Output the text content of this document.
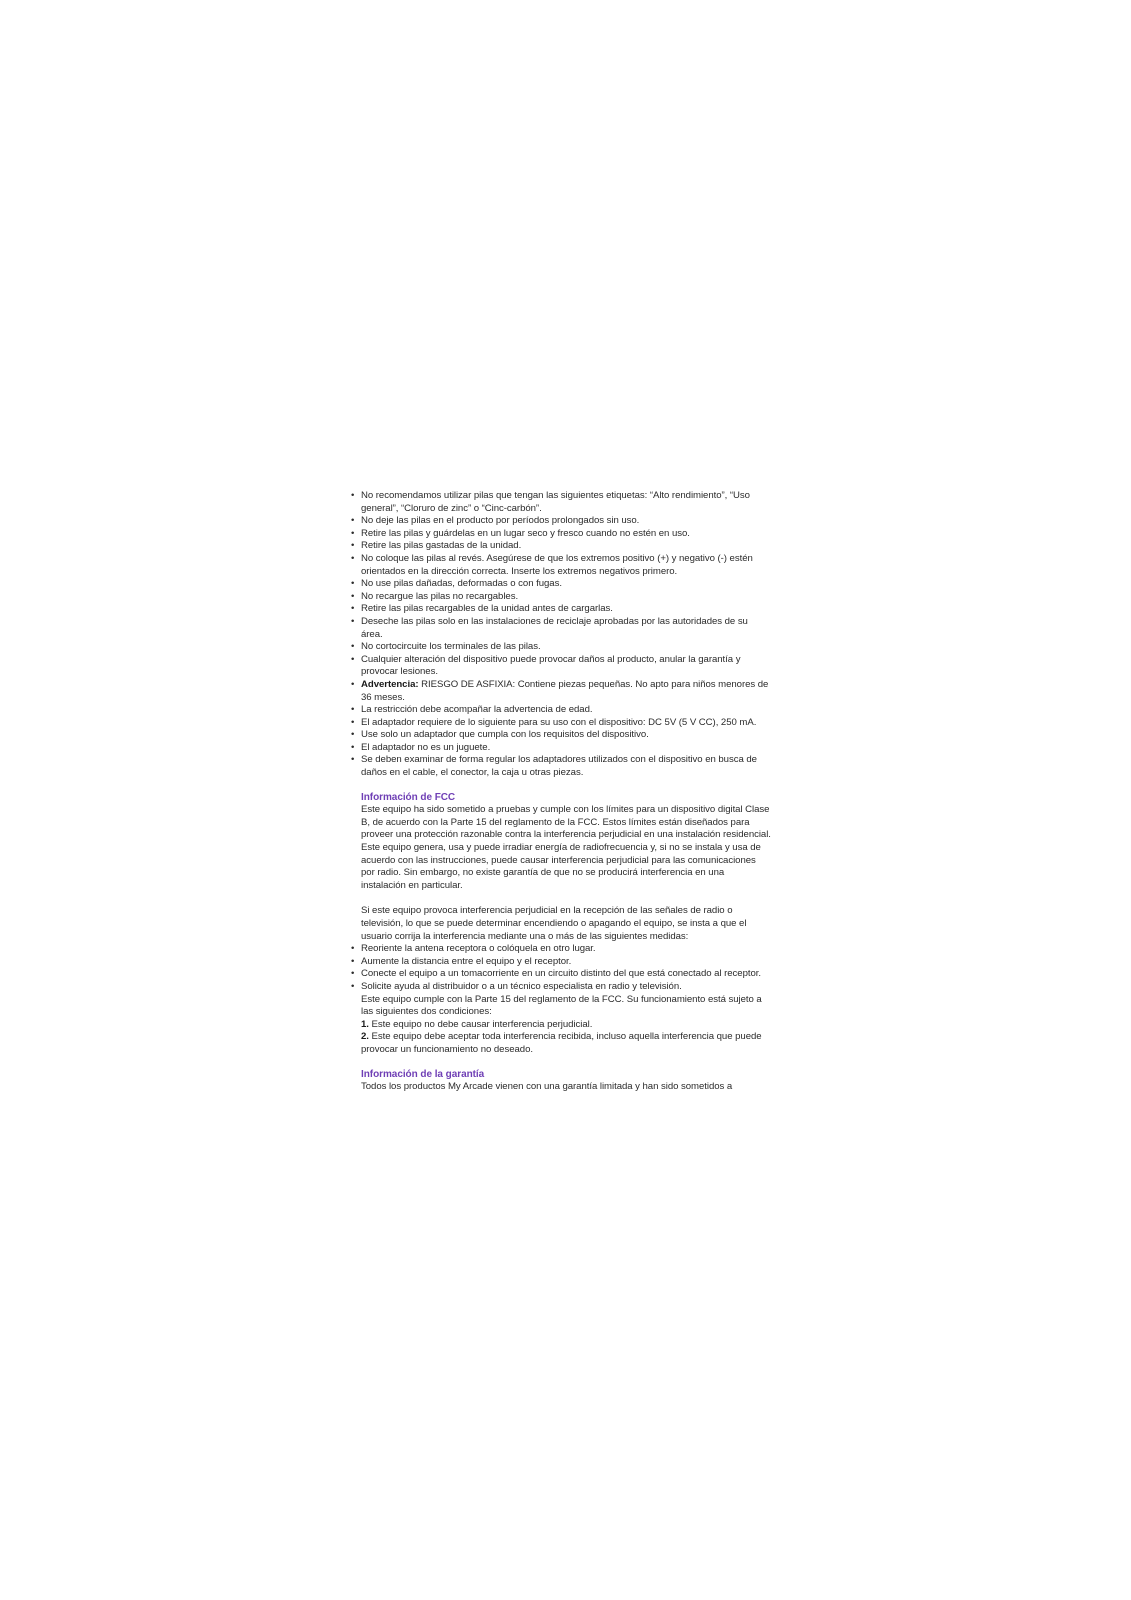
• No recomendamos utilizar pilas que tengan las siguientes etiquetas: “Alto rendimiento”, “Uso general”, “Cloruro de zinc” o “Cinc-carbón”.
• No deje las pilas en el producto por períodos prolongados sin uso.
• Retire las pilas y guárdelas en un lugar seco y fresco cuando no estén en uso.
• Retire las pilas gastadas de la unidad.
• No coloque las pilas al revés. Asegúrese de que los extremos positivo (+) y negativo (-) estén orientados en la dirección correcta. Inserte los extremos negativos primero.
• No use pilas dañadas, deformadas o con fugas.
• No recargue las pilas no recargables.
• Retire las pilas recargables de la unidad antes de cargarlas.
• Deseche las pilas solo en las instalaciones de reciclaje aprobadas por las autoridades de su área.
• No cortocircuite los terminales de las pilas.
• Cualquier alteración del dispositivo puede provocar daños al producto, anular la garantía y provocar lesiones.
• Advertencia: RIESGO DE ASFIXIA: Contiene piezas pequeñas. No apto para niños menores de 36 meses.
• La restricción debe acompañar la advertencia de edad.
• El adaptador requiere de lo siguiente para su uso con el dispositivo: DC 5V (5 V CC), 250 mA.
• Use solo un adaptador que cumpla con los requisitos del dispositivo.
• El adaptador no es un juguete.
• Se deben examinar de forma regular los adaptadores utilizados con el dispositivo en busca de daños en el cable, el conector, la caja u otras piezas.
Información de FCC

Este equipo ha sido sometido a pruebas y cumple con los límites para un dispositivo digital Clase B, de acuerdo con la Parte 15 del reglamento de la FCC. Estos límites están diseñados para proveer una protección razonable contra la interferencia perjudicial en una instalación residencial. Este equipo genera, usa y puede irradiar energía de radiofrecuencia y, si no se instala y usa de acuerdo con las instrucciones, puede causar interferencia perjudicial para las comunicaciones por radio. Sin embargo, no existe garantía de que no se producirá interferencia en una instalación en particular.

Si este equipo provoca interferencia perjudicial en la recepción de las señales de radio o televisión, lo que se puede determinar encendiendo o apagando el equipo, se insta a que el usuario corrija la interferencia mediante una o más de las siguientes medidas:

• Reoriente la antena receptora o colóquela en otro lugar.
• Aumente la distancia entre el equipo y el receptor.
• Conecte el equipo a un tomacorriente en un circuito distinto del que está conectado al receptor.
• Solicite ayuda al distribuidor o a un técnico especialista en radio y televisión.

Este equipo cumple con la Parte 15 del reglamento de la FCC. Su funcionamiento está sujeto a las siguientes dos condiciones:

1. Este equipo no debe causar interferencia perjudicial.
2. Este equipo debe aceptar toda interferencia recibida, incluso aquella interferencia que puede provocar un funcionamiento no deseado.
Información de la garantía

Todos los productos My Arcade vienen con una garantía limitada y han sido sometidos a
